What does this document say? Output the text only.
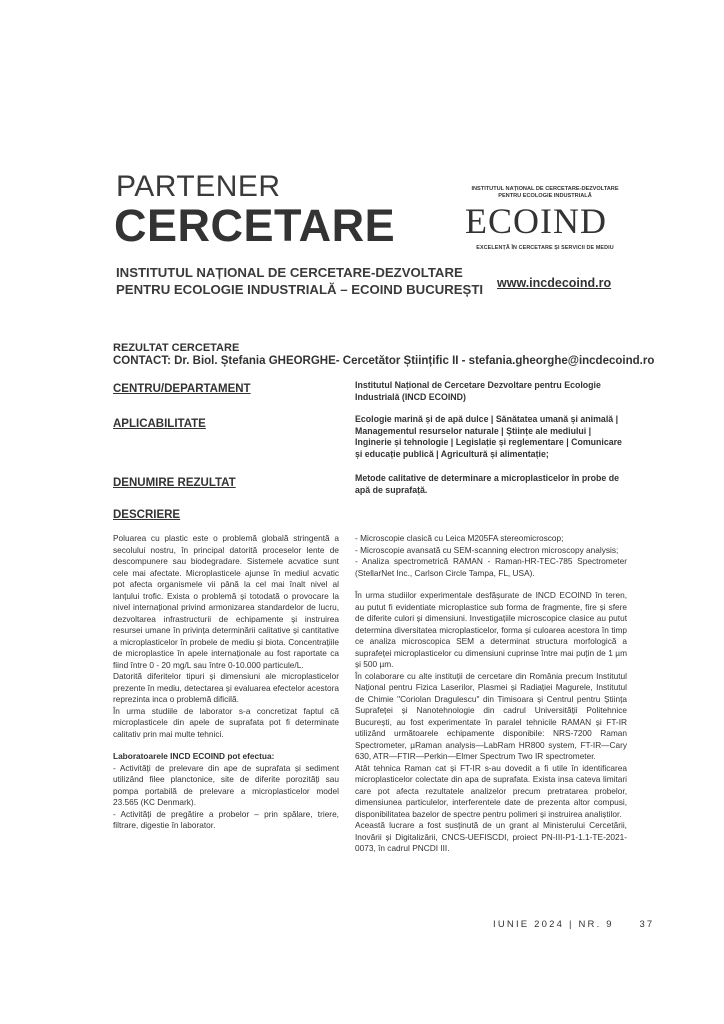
PARTENER
CERCETARE
INSTITUTUL NAȚIONAL DE CERCETARE-DEZVOLTARE
PENTRU ECOLOGIE INDUSTRIALĂ – ECOIND BUCUREȘTI
INSTITUTUL NAȚIONAL DE CERCETARE-DEZVOLTARE
PENTRU ECOLOGIE INDUSTRIALĂ
ECOIND
EXCELENȚĂ ÎN CERCETARE ȘI SERVICII DE MEDIU
www.incdecoind.ro
REZULTAT CERCETARE
CONTACT: Dr. Biol. Ștefania GHEORGHE- Cercetător Științific II - stefania.gheorghe@incdecoind.ro
CENTRU/DEPARTAMENT	Institutul Național de Cercetare Dezvoltare pentru Ecologie Industrială (INCD ECOIND)
APLICABILITATE	Ecologie marină și de apă dulce | Sănătatea umană și animală | Managementul resurselor naturale | Științe ale mediului | Inginerie și tehnologie | Legislație și reglementare | Comunicare și educație publică | Agricultură și alimentație;
DENUMIRE REZULTAT	Metode calitative de determinare a microplasticelor în probe de apă de suprafață.
DESCRIERE

Poluarea cu plastic este o problemă globală stringentă a secolului nostru, în principal datorită proceselor lente de descompunere sau biodegradare. Sistemele acvatice sunt cele mai afectate. Microplasticele ajunse în mediul acvatic pot afecta organismele vii până la cel mai înalt nivel al lanțului trofic. Exista o problemă și totodată o provocare la nivel internațional privind armonizarea standardelor de lucru, dezvoltarea infrastructurii de echipamente și instruirea resursei umane în privința determinării calitative și cantitative a microplasticelor în probele de mediu și biota. Concentrațiile de microplastice în apele internaționale au fost raportate ca fiind între 0 - 20 mg/L sau între 0-10.000 particule/L.

Datorită diferitelor tipuri și dimensiuni ale microplasticelor prezente în mediu, detectarea și evaluarea efectelor acestora reprezinta inca o problemă dificilă.

În urma studiile de laborator s-a concretizat faptul că microplasticele din apele de suprafata pot fi determinate calitativ prin mai multe tehnici.

Laboratoarele INCD ECOIND pot efectua:

- Activități de prelevare din ape de suprafata și sediment utilizând filee planctonice, site de diferite porozități sau pompa portabilă de prelevare a microplasticelor model 23.565 (KC Denmark).

- Activități de pregătire a probelor – prin spălare, triere, filtrare, digestie în laborator.

- Microscopie clasică cu Leica M205FA stereomicroscop;

- Microscopie avansată cu SEM-scanning electron microscopy analysis;

- Analiza spectrometrică RAMAN - Raman-HR-TEC-785 Spectrometer (StellarNet Inc., Carlson Circle Tampa, FL, USA).

În urma studiilor experimentale desfășurate de INCD ECOIND în teren, au putut fi evidentiate microplastice sub forma de fragmente, fire și sfere de diferite culori și dimensiuni. Investigațiile microscopice clasice au putut determina diversitatea microplasticelor, forma și culoarea acestora în timp ce analiza microscopica SEM a determinat structura morfologică a suprafeței microplasticelor cu dimensiuni cuprinse între mai puțin de 1 µm și 500 µm.

În colaborare cu alte instituții de cercetare din România precum Institutul Național pentru Fizica Laserilor, Plasmei și Radiației Magurele, Institutul de Chimie "Coriolan Dragulescu" din Timisoara și Centrul pentru Știința Suprafeței și Nanotehnologie din cadrul Universității Politehnice București, au fost experimentate în paralel tehnicile RAMAN și FT-IR utilizând următoarele echipamente disponibile: NRS-7200 Raman Spectrometer, µRaman analysis—LabRam HR800 system, FT-IR—Cary 630, ATR—FTIR—Perkin—Elmer Spectrum Two IR spectrometer.

Atât tehnica Raman cat și FT-IR s-au dovedit a fi utile în identificarea microplasticelor colectate din apa de suprafata. Exista insa cateva limitari care pot afecta rezultatele analizelor precum pretratarea probelor, dimensiunea particulelor, interferentele date de prezenta altor compusi, disponibilitatea bazelor de spectre pentru polimeri și instruirea analiștilor.

Această lucrare a fost susținută de un grant al Ministerului Cercetării, Inovării și Digitalizării, CNCS-UEFISCDI, proiect PN-III-P1-1.1-TE-2021-0073, în cadrul PNCDI III.

IUNIE 2024 | NR. 9	37
